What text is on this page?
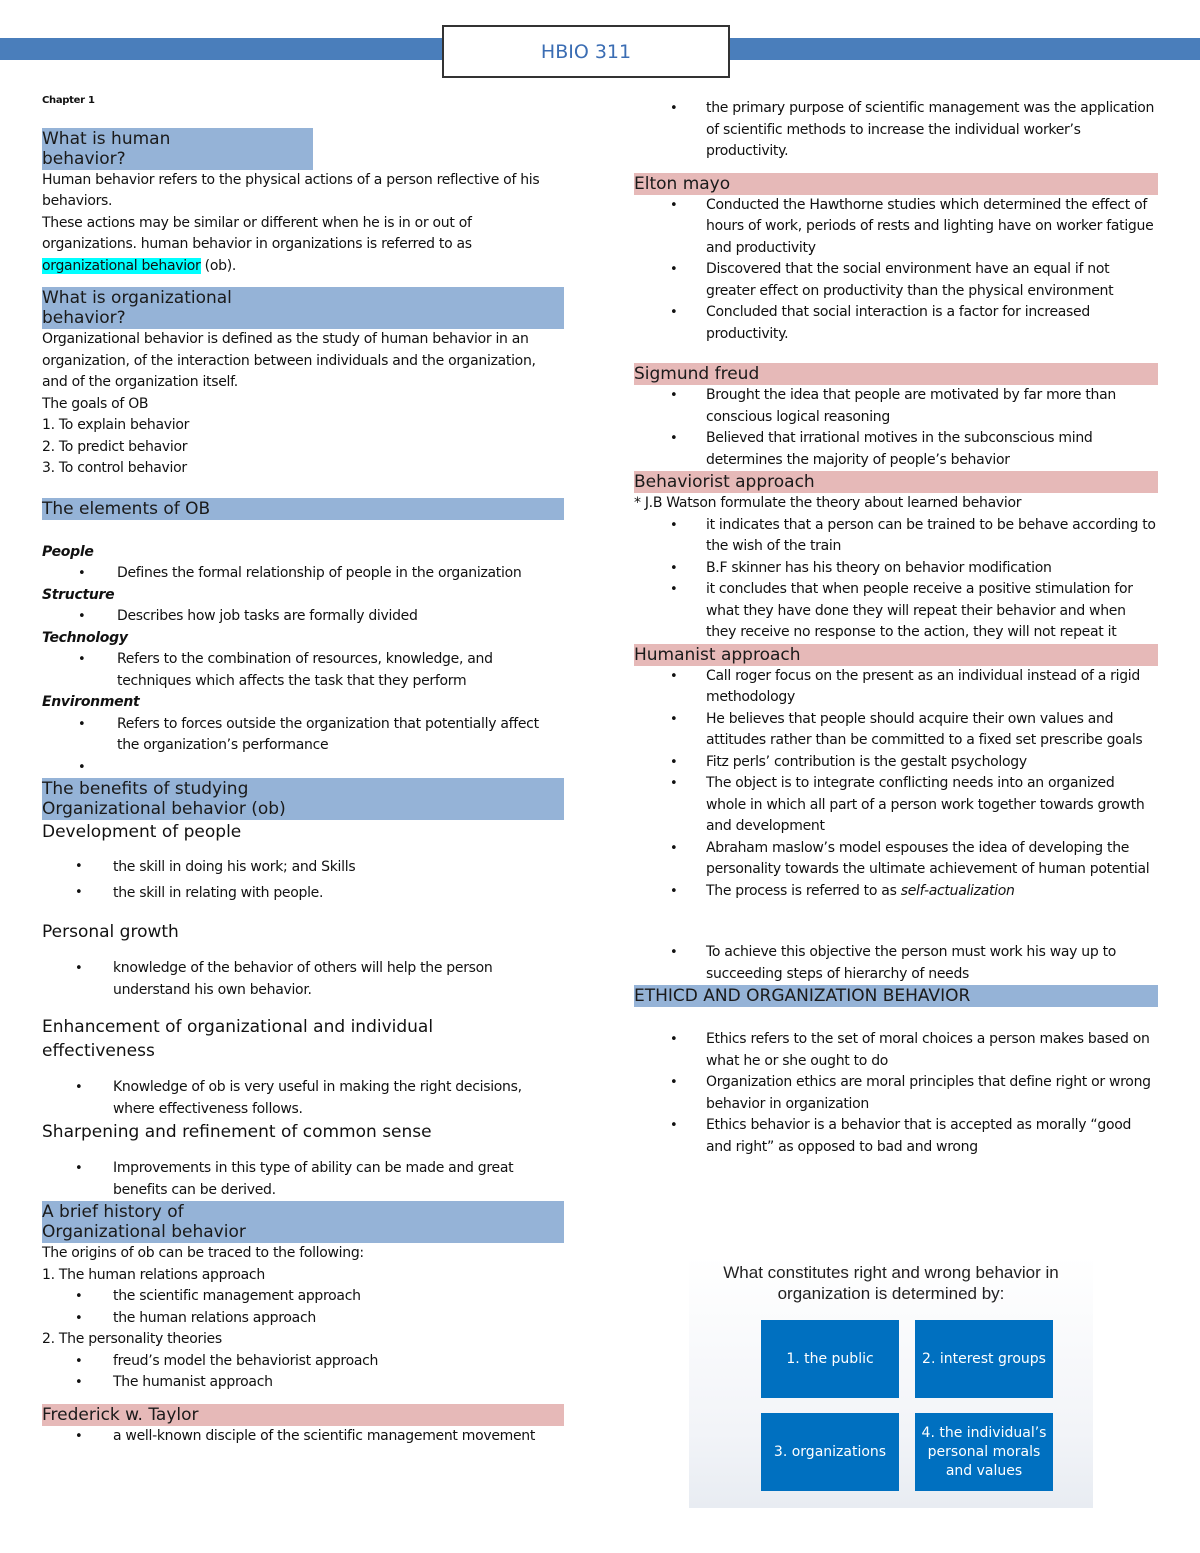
HBIO 311
Chapter 1
What is human
behavior?
Human behavior refers to the physical actions of a person reflective of his behaviors.
These actions may be similar or different when he is in or out of organizations. human behavior in organizations is referred to as organizational behavior (ob).
What is organizational
behavior?
Organizational behavior is defined as the study of human behavior in an organization, of the interaction between individuals and the organization, and of the organization itself.
The goals of OB
1. To explain behavior
2. To predict behavior
3. To control behavior
The elements of OB
People
• Defines the formal relationship of people in the organization
Structure
• Describes how job tasks are formally divided
Technology
• Refers to the combination of resources, knowledge, and techniques which affects the task that they perform
Environment
• Refers to forces outside the organization that potentially affect the organization’s performance
•
The benefits of studying
Organizational behavior (ob)
Development of people
• the skill in doing his work; and Skills
• the skill in relating with people.
Personal growth
• knowledge of the behavior of others will help the person understand his own behavior.
Enhancement of organizational and individual effectiveness
• Knowledge of ob is very useful in making the right decisions, where effectiveness follows.
Sharpening and refinement of common sense
• Improvements in this type of ability can be made and great benefits can be derived.
A brief history of
Organizational behavior
The origins of ob can be traced to the following:
1. The human relations approach
• the scientific management approach
• the human relations approach
2. The personality theories
• freud’s model the behaviorist approach
• The humanist approach
Frederick w. Taylor
• a well-known disciple of the scientific management movement
• the primary purpose of scientific management was the application of scientific methods to increase the individual worker’s productivity.
Elton mayo
• Conducted the Hawthorne studies which determined the effect of hours of work, periods of rests and lighting have on worker fatigue and productivity
• Discovered that the social environment have an equal if not greater effect on productivity than the physical environment
• Concluded that social interaction is a factor for increased productivity.
Sigmund freud
• Brought the idea that people are motivated by far more than conscious logical reasoning
• Believed that irrational motives in the subconscious mind determines the majority of people’s behavior
Behaviorist approach
* J.B Watson formulate the theory about learned behavior
• it indicates that a person can be trained to be behave according to the wish of the train
• B.F skinner has his theory on behavior modification
• it concludes that when people receive a positive stimulation for what they have done they will repeat their behavior and when they receive no response to the action, they will not repeat it
Humanist approach
• Call roger focus on the present as an individual instead of a rigid methodology
• He believes that people should acquire their own values and attitudes rather than be committed to a fixed set prescribe goals
• Fitz perls’ contribution is the gestalt psychology
• The object is to integrate conflicting needs into an organized whole in which all part of a person work together towards growth and development
• Abraham maslow’s model espouses the idea of developing the personality towards the ultimate achievement of human potential
• The process is referred to as self-actualization
• To achieve this objective the person must work his way up to succeeding steps of hierarchy of needs
ETHICD AND ORGANIZATION BEHAVIOR
• Ethics refers to the set of moral choices a person makes based on what he or she ought to do
• Organization ethics are moral principles that define right or wrong behavior in organization
• Ethics behavior is a behavior that is accepted as morally “good and right” as opposed to bad and wrong
What constitutes right and wrong behavior in
organization is determined by:
1. the public	2. interest groups
3. organizations
4. the individual’s personal morals and values
